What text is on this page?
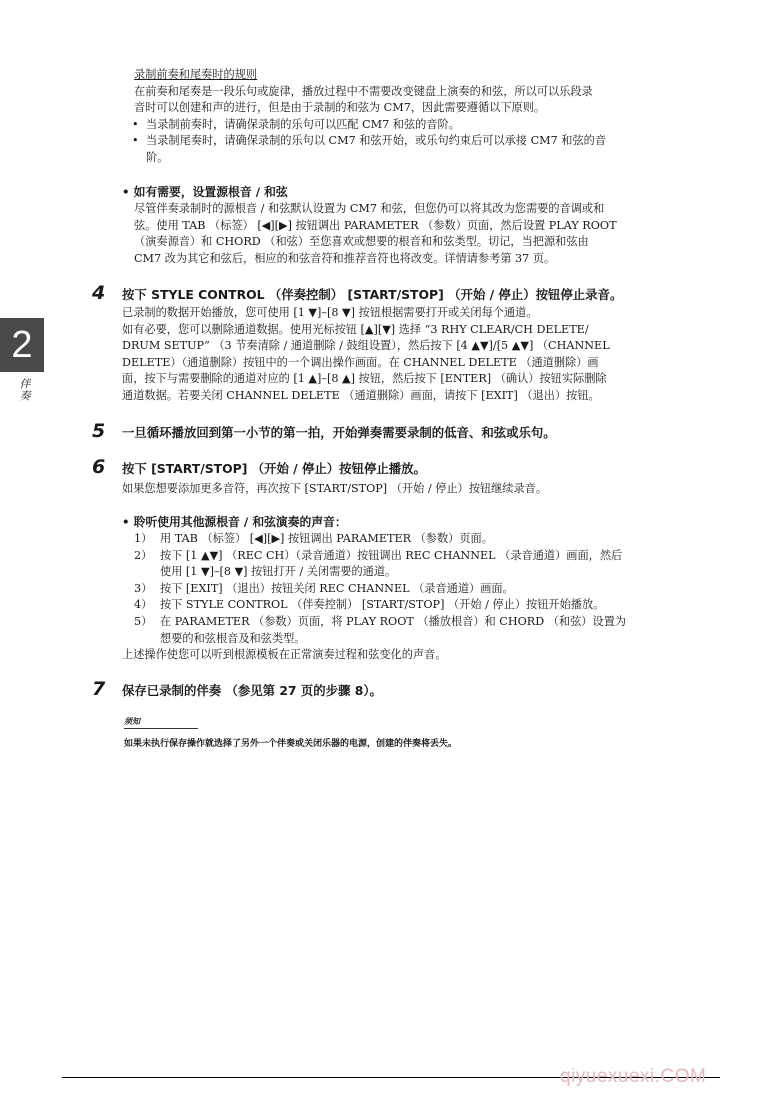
2
伴奏
录制前奏和尾奏时的规则
在前奏和尾奏是一段乐句或旋律，播放过程中不需要改变键盘上演奏的和弦，所以可以乐段录
音时可以创建和声的进行，但是由于录制的和弦为 CM7，因此需要遵循以下原则。
• 当录制前奏时，请确保录制的乐句可以匹配 CM7 和弦的音阶。
• 当录制尾奏时，请确保录制的乐句以 CM7 和弦开始，或乐句约束后可以承接 CM7 和弦的音
阶。
• 如有需要，设置源根音 / 和弦
尽管伴奏录制时的源根音 / 和弦默认设置为 CM7 和弦，但您仍可以将其改为您需要的音调或和
弦。使用 TAB （标签） [◀][▶] 按钮调出 PARAMETER （参数）页面，然后设置 PLAY ROOT
（演奏源音）和 CHORD （和弦）至您喜欢或想要的根音和和弦类型。切记，当把源和弦由
CM7 改为其它和弦后，相应的和弦音符和推荐音符也将改变。详情请参考第 37 页。
4	按下 STYLE CONTROL （伴奏控制） [START/STOP] （开始 / 停止）按钮停止录音。
已录制的数据开始播放，您可使用 [1 ▼]–[8 ▼] 按钮根据需要打开或关闭每个通道。
如有必要，您可以删除通道数据。使用光标按钮 [▲][▼] 选择 “3 RHY CLEAR/CH DELETE/
DRUM SETUP” （3 节奏清除 / 通道删除 / 鼓组设置），然后按下 [4 ▲▼]/[5 ▲▼] （CHANNEL
DELETE）（通道删除）按钮中的一个调出操作画面。在 CHANNEL DELETE （通道删除）画
面，按下与需要删除的通道对应的 [1 ▲]–[8 ▲] 按钮，然后按下 [ENTER] （确认）按钮实际删除
通道数据。若要关闭 CHANNEL DELETE （通道删除）画面，请按下 [EXIT] （退出）按钮。
5	一旦循环播放回到第一小节的第一拍，开始弹奏需要录制的低音、和弦或乐句。
6	按下 [START/STOP] （开始 / 停止）按钮停止播放。
如果您想要添加更多音符，再次按下 [START/STOP] （开始 / 停止）按钮继续录音。
• 聆听使用其他源根音 / 和弦演奏的声音：
1） 用 TAB （标签） [◀][▶] 按钮调出 PARAMETER （参数）页面。
2） 按下 [1 ▲▼] （REC CH）（录音通道）按钮调出 REC CHANNEL （录音通道）画面，然后
使用 [1 ▼]–[8 ▼] 按钮打开 / 关闭需要的通道。
3） 按下 [EXIT] （退出）按钮关闭 REC CHANNEL （录音通道）画面。
4） 按下 STYLE CONTROL （伴奏控制） [START/STOP] （开始 / 停止）按钮开始播放。
5） 在 PARAMETER （参数）页面，将 PLAY ROOT （播放根音）和 CHORD （和弦）设置为
想要的和弦根音及和弦类型。
上述操作使您可以听到根源模板在正常演奏过程和弦变化的声音。
7	保存已录制的伴奏 （参见第 27 页的步骤 8）。
须知
如果未执行保存操作就选择了另外一个伴奏或关闭乐器的电源，创建的伴奏将丢失。
qiyuexuexi.COM
